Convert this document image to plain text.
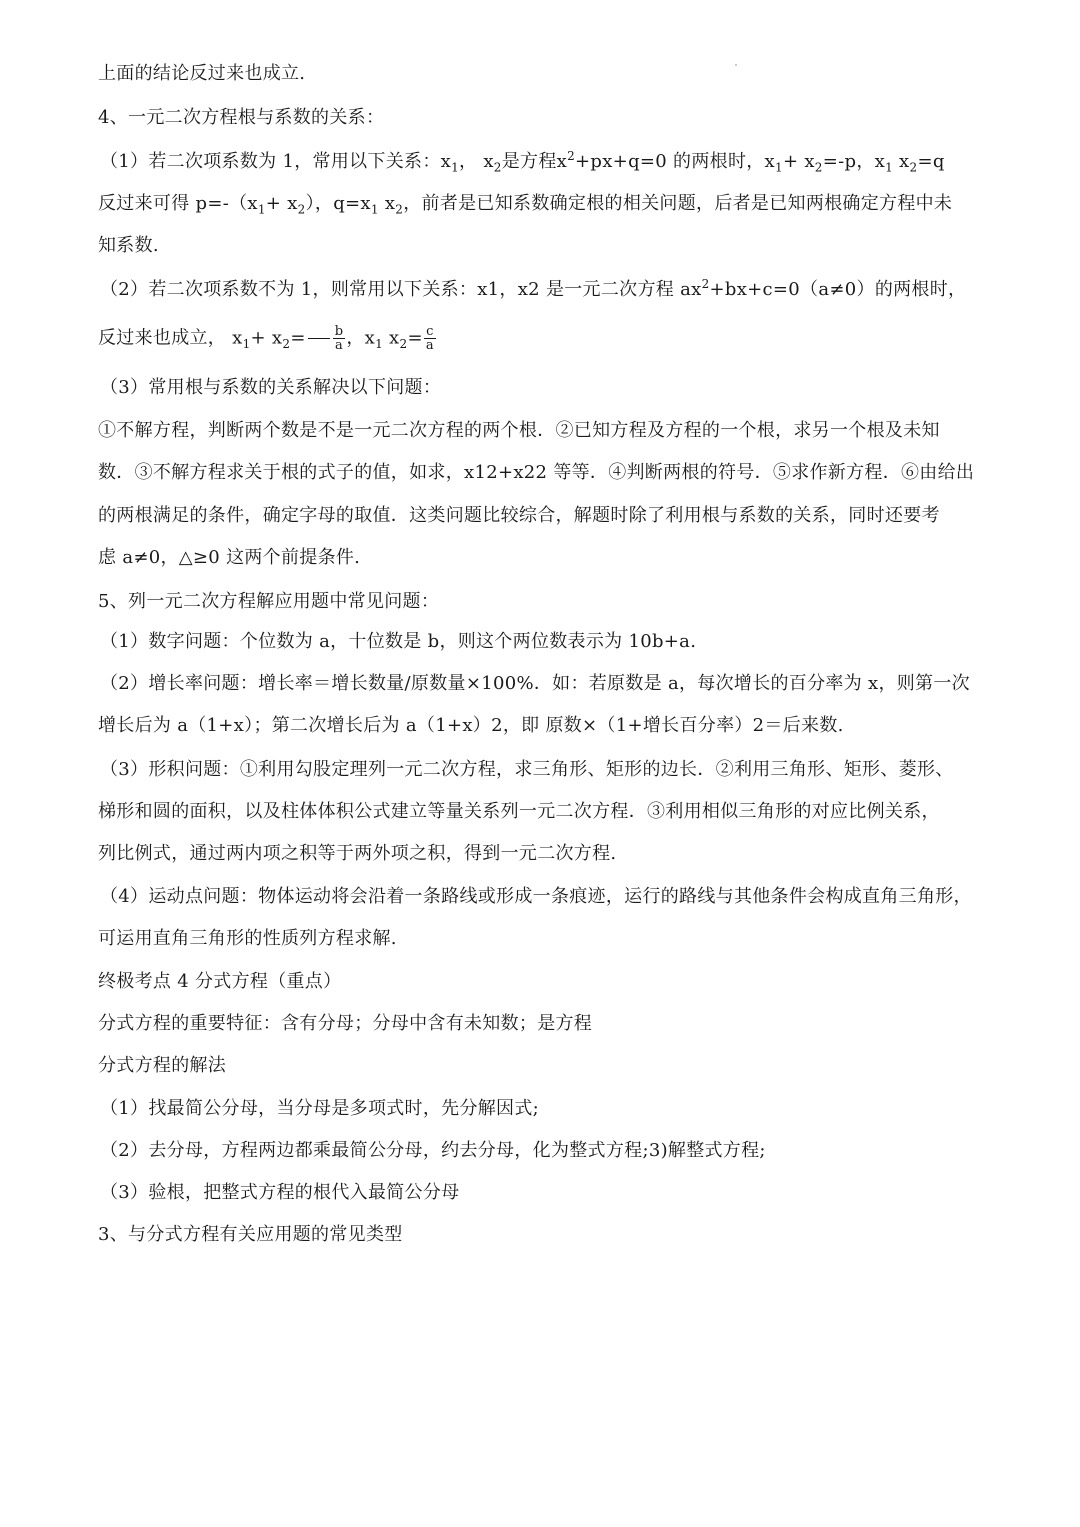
上面的结论反过来也成立.
4、一元二次方程根与系数的关系：
（1）若二次项系数为 1，常用以下关系：$x_1$， $x_2$是方程$x^2+px+q=0$ 的两根时，$x_1+ x_2=-p$，$x_1$ $x_2=q$
反过来可得 $p=-(x_1+ x_2)$，$q=x_1$ $x_2$，前者是已知系数确定根的相关问题，后者是已知两根确定方程中未
知系数.
（2）若二次项系数不为 1，则常用以下关系：x1，x2 是一元二次方程 $ax^2+bx+c=0(a\ne 0)$的两根时，
反过来也成立， $x_1+ x_2= \frac{b}{a}$ ，$x_1$ $x_2= \frac{c}{a}$
（3）常用根与系数的关系解决以下问题：
①不解方程，判断两个数是不是一元二次方程的两个根．②已知方程及方程的一个根，求另一个根及未知
数．③不解方程求关于根的式子的值，如求，x12+x22 等等．④判断两根的符号．⑤求作新方程．⑥由给出
的两根满足的条件，确定字母的取值．这类问题比较综合，解题时除了利用根与系数的关系，同时还要考
虑 a≠0，△≥0 这两个前提条件.
5、列一元二次方程解应用题中常见问题：
（1）数字问题：个位数为 a，十位数是 b，则这个两位数表示为 10b+a.
（2）增长率问题：增长率＝增长数量/原数量×100%．如：若原数是 a，每次增长的百分率为 x，则第一次
增长后为 a（1+x）；第二次增长后为 a（1+x）2，即 原数×（1+增长百分率）2＝后来数.
（3）形积问题：①利用勾股定理列一元二次方程，求三角形、矩形的边长．②利用三角形、矩形、菱形、
梯形和圆的面积，以及柱体体积公式建立等量关系列一元二次方程．③利用相似三角形的对应比例关系，
列比例式，通过两内项之积等于两外项之积，得到一元二次方程.
（4）运动点问题：物体运动将会沿着一条路线或形成一条痕迹，运行的路线与其他条件会构成直角三角形，
可运用直角三角形的性质列方程求解.
终极考点 4 分式方程（重点）
分式方程的重要特征：含有分母；分母中含有未知数；是方程
分式方程的解法
（1）找最简公分母，当分母是多项式时，先分解因式;
（2）去分母，方程两边都乘最简公分母，约去分母，化为整式方程;3)解整式方程;
（3）验根，把整式方程的根代入最简公分母
3、与分式方程有关应用题的常见类型
